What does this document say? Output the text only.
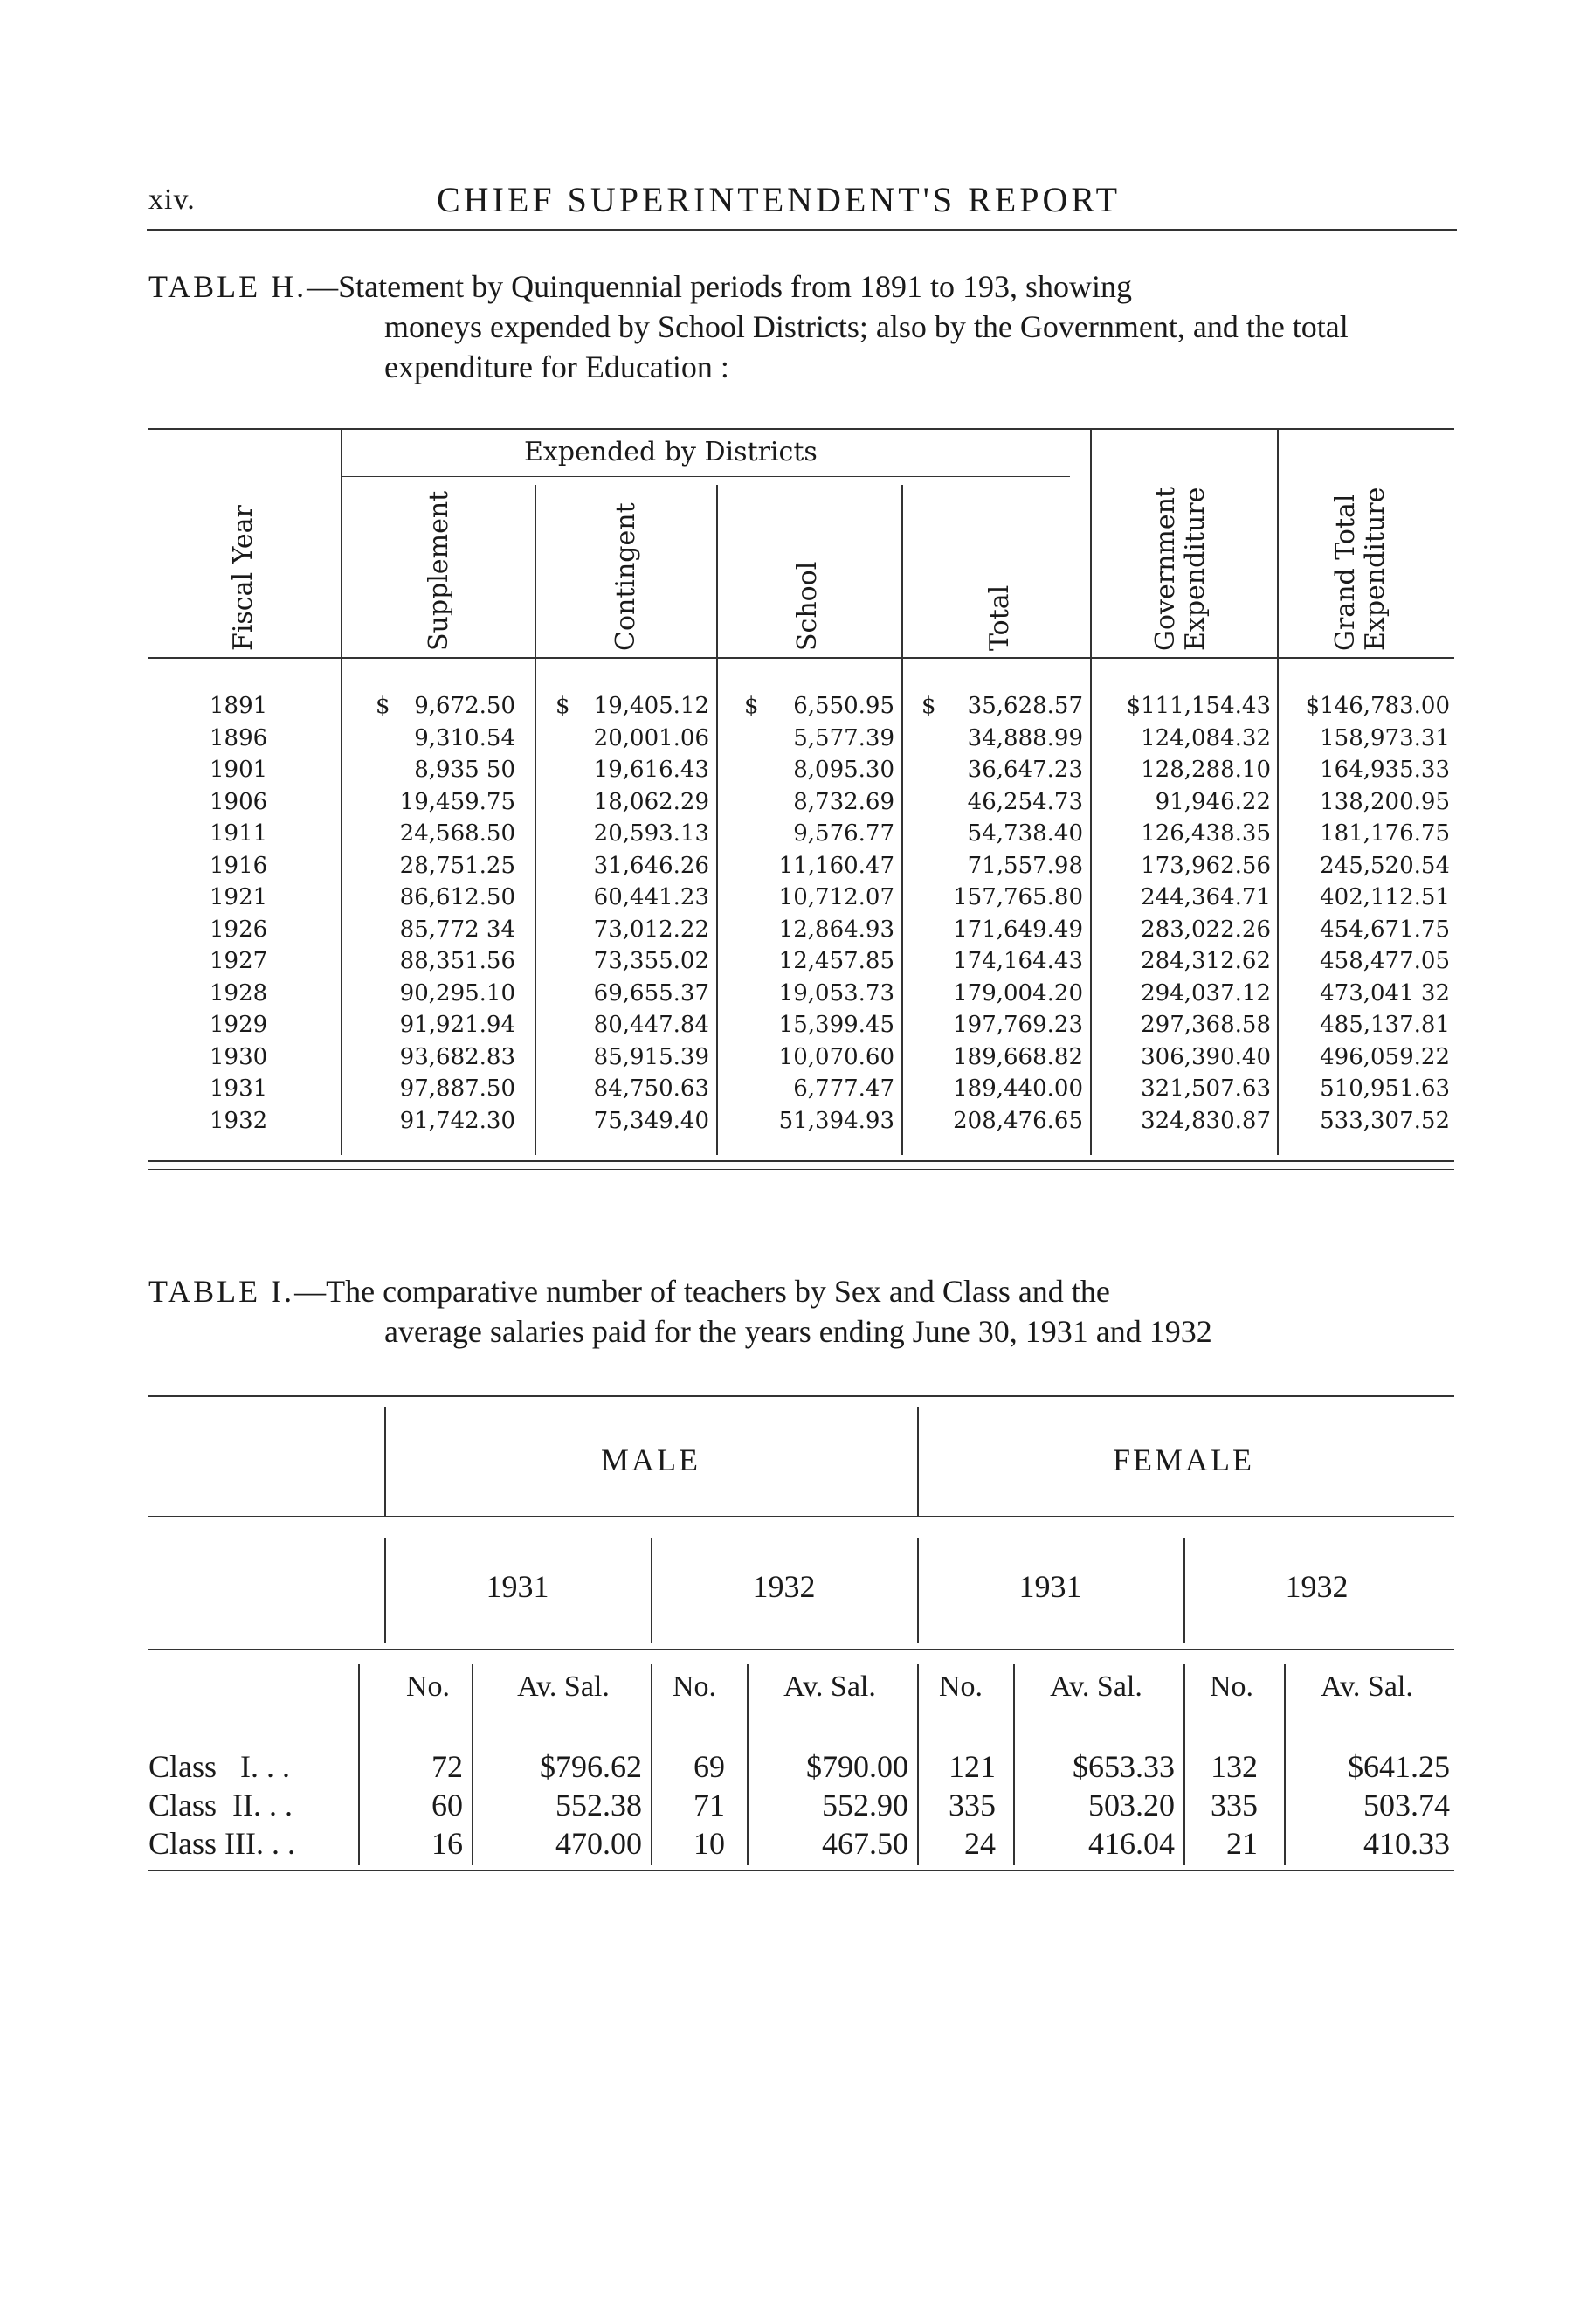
xiv.	CHIEF SUPERINTENDENT'S REPORT
TABLE H.—Statement by Quinquennial periods from 1891 to 193, showing
moneys expended by School Districts; also by the Government, and the total expenditure for Education :
Expended by Districts
Fiscal Year	Supplement	Contingent	School	Total	Government Expenditure	Grand Total Expenditure
$	$	$	$
1891	9,672.50	19,405.12	6,550.95	35,628.57	$111,154.43	$146,783.00
1896	9,310.54	20,001.06	5,577.39	34,888.99	124,084.32	158,973.31
1901	8,935 50	19,616.43	8,095.30	36,647.23	128,288.10	164,935.33
1906	19,459.75	18,062.29	8,732.69	46,254.73	91,946.22	138,200.95
1911	24,568.50	20,593.13	9,576.77	54,738.40	126,438.35	181,176.75
1916	28,751.25	31,646.26	11,160.47	71,557.98	173,962.56	245,520.54
1921	86,612.50	60,441.23	10,712.07	157,765.80	244,364.71	402,112.51
1926	85,772 34	73,012.22	12,864.93	171,649.49	283,022.26	454,671.75
1927	88,351.56	73,355.02	12,457.85	174,164.43	284,312.62	458,477.05
1928	90,295.10	69,655.37	19,053.73	179,004.20	294,037.12	473,041 32
1929	91,921.94	80,447.84	15,399.45	197,769.23	297,368.58	485,137.81
1930	93,682.83	85,915.39	10,070.60	189,668.82	306,390.40	496,059.22
1931	97,887.50	84,750.63	6,777.47	189,440.00	321,507.63	510,951.63
1932	91,742.30	75,349.40	51,394.93	208,476.65	324,830.87	533,307.52
TABLE I.—The comparative number of teachers by Sex and Class and the
average salaries paid for the years ending June 30, 1931 and 1932
MALE	FEMALE
1931	1932	1931	1932
No.	Av. Sal.	No.	Av. Sal.	No.	Av. Sal.	No.	Av. Sal.
Class   I. . .	72	$796.62	69	$790.00	121	$653.33	132	$641.25
Class  II. . .	60	552.38	71	552.90	335	503.20	335	503.74
Class III. . .	16	470.00	10	467.50	24	416.04	21	410.33
